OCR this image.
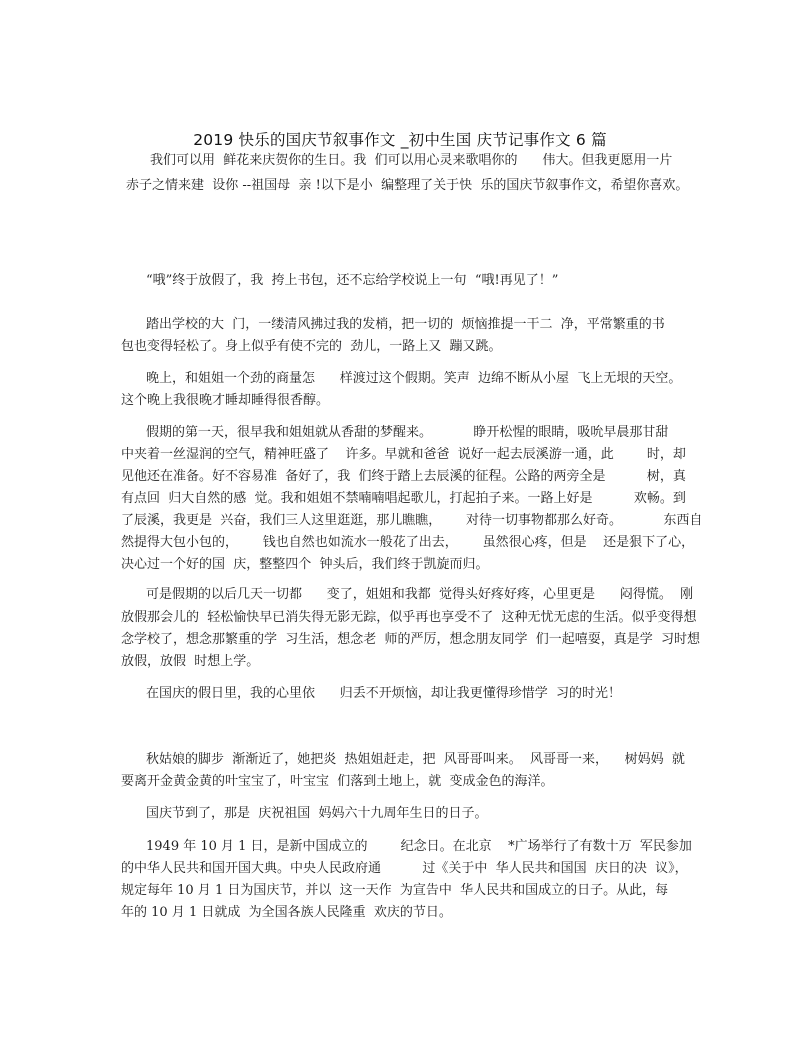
2019 快乐的国庆节叙事作文 _初中生国 庆节记事作文 6 篇
我们可以用  鲜花来庆贺你的生日。我  们可以用心灵来歌唱你的      伟大。但我更愿用一片
赤子之情来建  设你 --祖国母  亲 !以下是小  编整理了关于快  乐的国庆节叙事作文，希望你喜欢。
“哦”终于放假了，我  挎上书包，还不忘给学校说上一句  “哦!再见了！”
踏出学校的大  门，一缕清风拂过我的发梢，把一切的  烦恼推提一干二  净，平常繁重的书
包也变得轻松了。身上似乎有使不完的  劲儿，一路上又  蹦又跳。
晚上，和姐姐一个劲的商量怎      样渡过这个假期。笑声  边绵不断从小屋  飞上无垠的天空。
这个晚上我很晚才睡却睡得很香醇。
假期的第一天，很早我和姐姐就从香甜的梦醒来。          睁开松惺的眼睛，吸吮早晨那甘甜
中夹着一丝湿润的空气，精神旺盛了    许多。早就和爸爸  说好一起去辰溪游一通，此        时，却
见他还在准备。好不容易准  备好了，我  们终于踏上去辰溪的征程。公路的两旁全是          树，真
有点回  归大自然的感  觉。我和姐姐不禁喃喃唱起歌儿，打起拍子来。一路上好是          欢畅。到
了辰溪，我更是  兴奋，我们三人这里逛逛，那儿瞧瞧，      对待一切事物都那么好奇。          东西自
然提得大包小包的，      钱也自然也如流水一般花了出去，      虽然很心疼，但是    还是狠下了心，
决心过一个好的国  庆，整整四个  钟头后，我们终于凯旋而归。
可是假期的以后几天一切都      变了，姐姐和我都  觉得头好疼好疼，心里更是      闷得慌。  刚
放假那会儿的  轻松愉快早已消失得无影无踪，似乎再也享受不了  这种无忧无虑的生活。似乎变得想
念学校了，想念那繁重的学  习生活，想念老  师的严厉，想念朋友同学  们一起嘻耍，真是学  习时想
放假，放假  时想上学。
在国庆的假日里，我的心里依      归丢不开烦恼，却让我更懂得珍惜学  习的时光！
秋姑娘的脚步  渐渐近了，她把炎  热姐姐赶走，把  风哥哥叫来。  风哥哥一来，    树妈妈  就
要离开金黄金黄的叶宝宝了，叶宝宝  们落到土地上，就  变成金色的海洋。
国庆节到了，那是  庆祝祖国  妈妈六十九周年生日的日子。
1949 年 10 月 1 日，是新中国成立的        纪念日。在北京    *广场举行了有数十万  军民参加
的中华人民共和国开国大典。中央人民政府通          过《关于中  华人民共和国国  庆日的决  议》，
规定每年 10 月 1 日为国庆节，并以  这一天作  为宣告中  华人民共和国成立的日子。从此，每
年的 10 月 1 日就成  为全国各族人民隆重  欢庆的节日。
